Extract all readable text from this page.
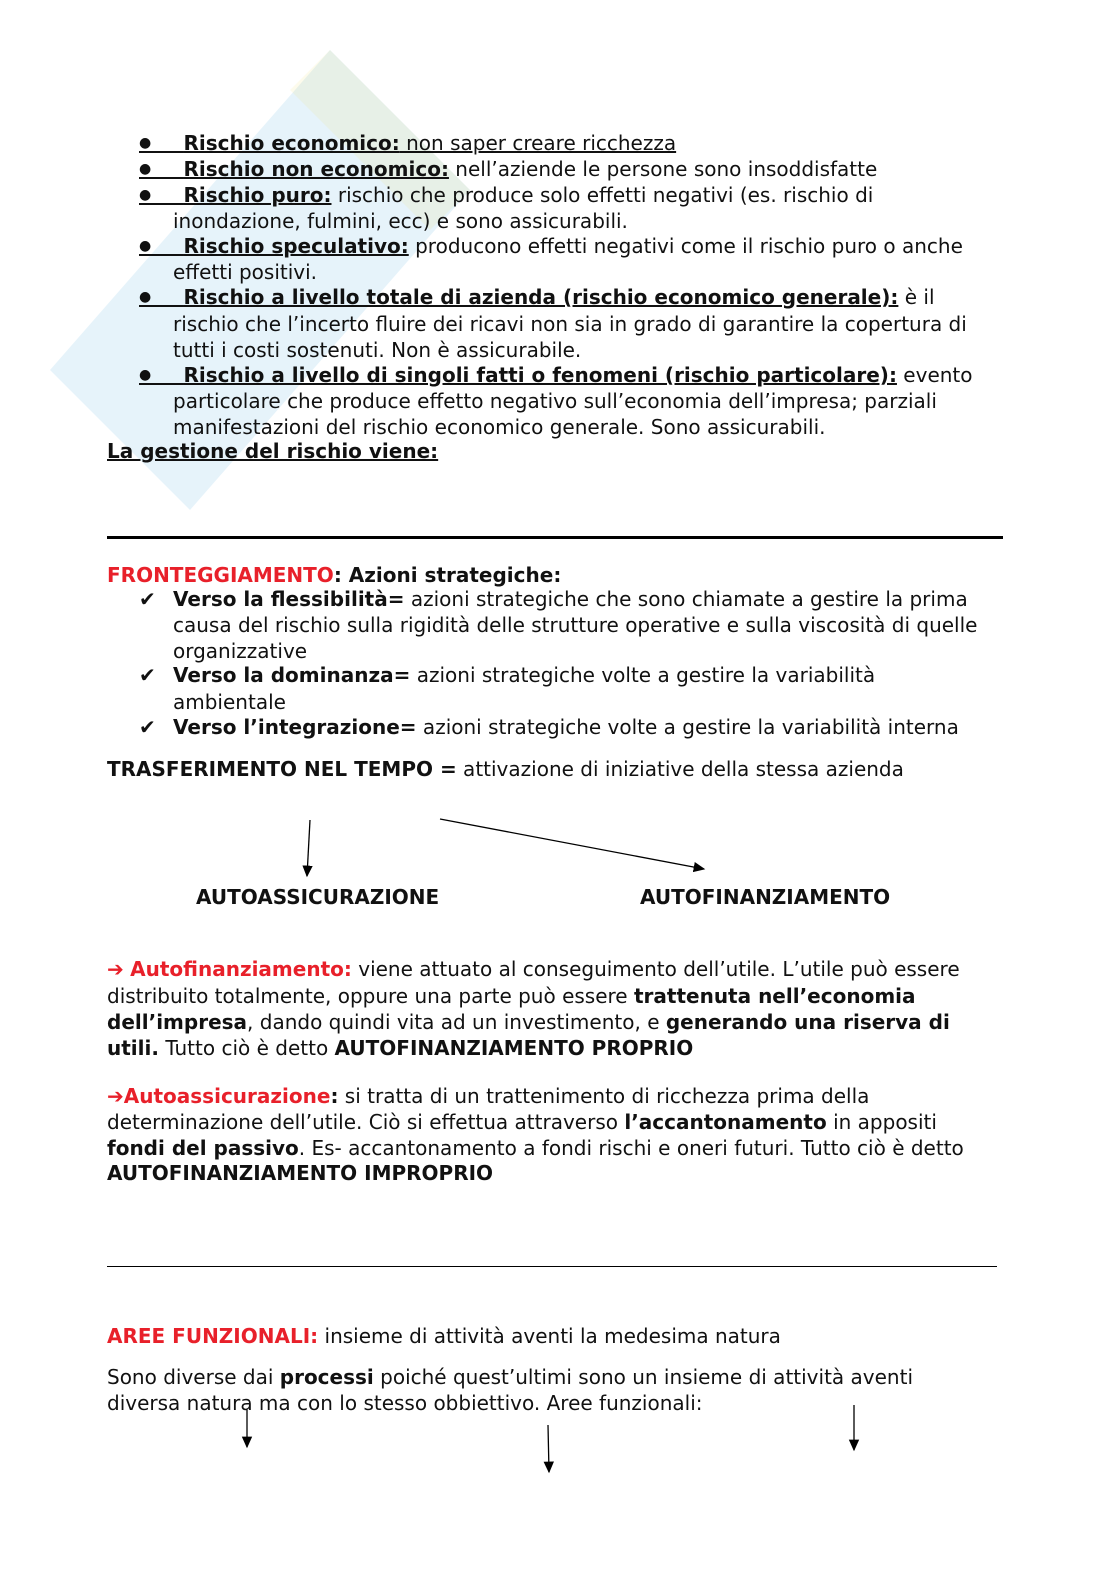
●	Rischio economico: non saper creare ricchezza
●	Rischio non economico: nell’aziende le persone sono insoddisfatte
●	Rischio puro: rischio che produce solo effetti negativi (es. rischio di
inondazione, fulmini, ecc) e sono assicurabili.
●	Rischio speculativo: producono effetti negativi come il rischio puro o anche
effetti positivi.
●	Rischio a livello totale di azienda (rischio economico generale): è il
rischio che l’incerto fluire dei ricavi non sia in grado di garantire la copertura di
tutti i costi sostenuti. Non è assicurabile.
●	Rischio a livello di singoli fatti o fenomeni (rischio particolare): evento
particolare che produce effetto negativo sull’economia dell’impresa; parziali
manifestazioni del rischio economico generale. Sono assicurabili.
La gestione del rischio viene:
FRONTEGGIAMENTO: Azioni strategiche:
✔ Verso la flessibilità= azioni strategiche che sono chiamate a gestire la prima
causa del rischio sulla rigidità delle strutture operative e sulla viscosità di quelle
organizzative
✔ Verso la dominanza= azioni strategiche volte a gestire la variabilità
ambientale
✔ Verso l’integrazione= azioni strategiche volte a gestire la variabilità interna
TRASFERIMENTO NEL TEMPO = attivazione di iniziative della stessa azienda
AUTOASSICURAZIONE	AUTOFINANZIAMENTO
➔ Autofinanziamento: viene attuato al conseguimento dell’utile. L’utile può essere
distribuito totalmente, oppure una parte può essere trattenuta nell’economia
dell’impresa, dando quindi vita ad un investimento, e generando una riserva di
utili. Tutto ciò è detto AUTOFINANZIAMENTO PROPRIO
➔Autoassicurazione: si tratta di un trattenimento di ricchezza prima della
determinazione dell’utile. Ciò si effettua attraverso l’accantonamento in appositi
fondi del passivo. Es- accantonamento a fondi rischi e oneri futuri. Tutto ciò è detto
AUTOFINANZIAMENTO IMPROPRIO
AREE FUNZIONALI: insieme di attività aventi la medesima natura
Sono diverse dai processi poiché quest’ultimi sono un insieme di attività aventi
diversa natura ma con lo stesso obbiettivo. Aree funzionali:
